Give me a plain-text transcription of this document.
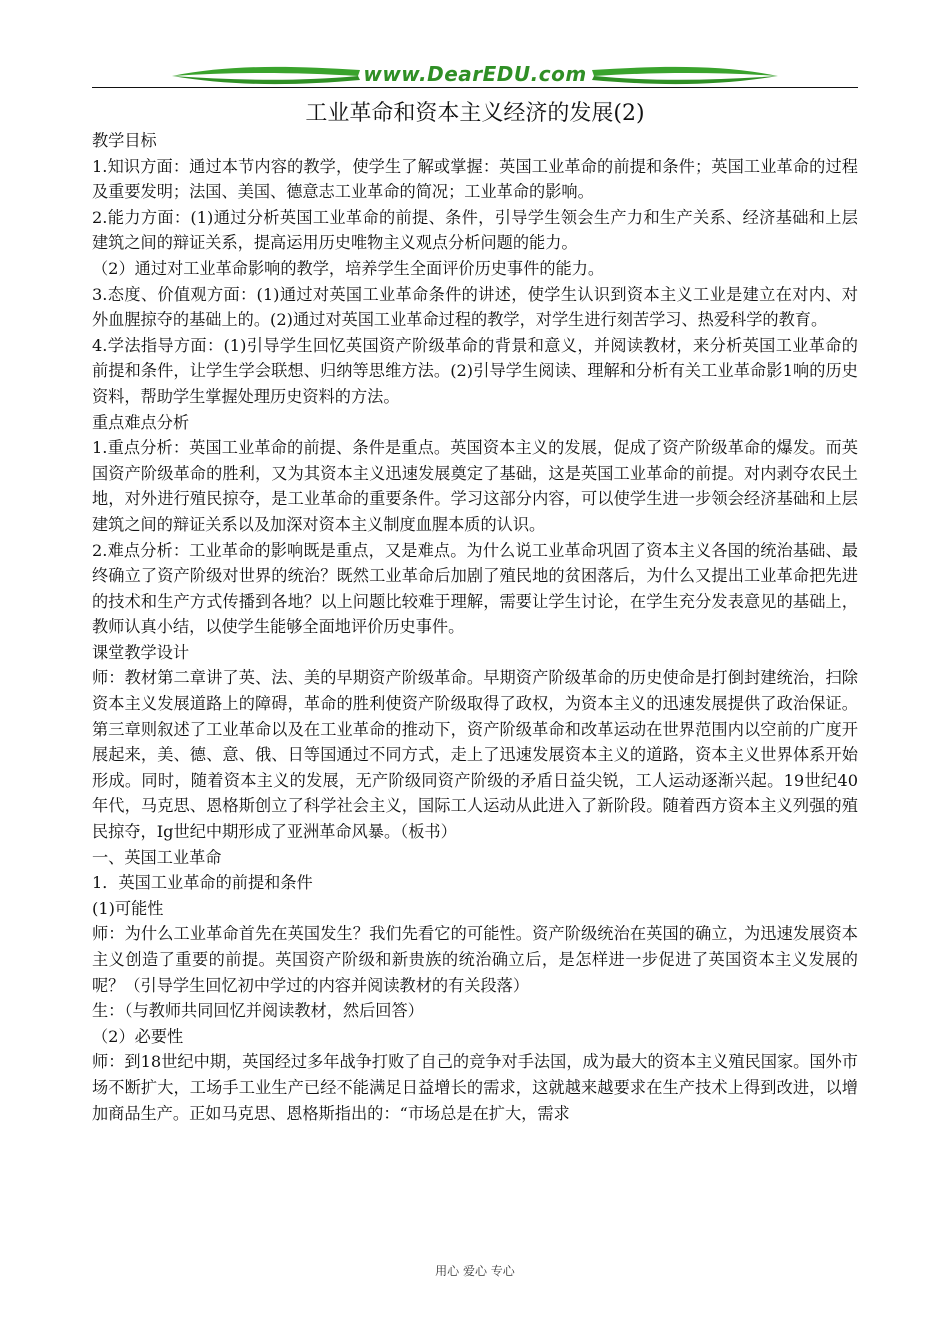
www.DearEDU.com
工业革命和资本主义经济的发展(2)

教学目标

1.知识方面：通过本节内容的教学，使学生了解或掌握：英国工业革命的前提和条件；英国工业革命的过程及重要发明；法国、美国、德意志工业革命的简况；工业革命的影响。

2.能力方面：(1)通过分析英国工业革命的前提、条件，引导学生领会生产力和生产关系、经济基础和上层建筑之间的辩证关系，提高运用历史唯物主义观点分析问题的能力。

（2）通过对工业革命影响的教学，培养学生全面评价历史事件的能力。

3.态度、价值观方面：(1)通过对英国工业革命条件的讲述，使学生认识到资本主义工业是建立在对内、对外血腥掠夺的基础上的。(2)通过对英国工业革命过程的教学，对学生进行刻苦学习、热爱科学的教育。

4.学法指导方面：(1)引导学生回忆英国资产阶级革命的背景和意义，并阅读教材，来分析英国工业革命的前提和条件，让学生学会联想、归纳等思维方法。(2)引导学生阅读、理解和分析有关工业革命影1响的历史资料，帮助学生掌握处理历史资料的方法。

重点难点分析

1.重点分析：英国工业革命的前提、条件是重点。英国资本主义的发展，促成了资产阶级革命的爆发。而英国资产阶级革命的胜利，又为其资本主义迅速发展奠定了基础，这是英国工业革命的前提。对内剥夺农民土地，对外进行殖民掠夺，是工业革命的重要条件。学习这部分内容，可以使学生进一步领会经济基础和上层建筑之间的辩证关系以及加深对资本主义制度血腥本质的认识。

2.难点分析：工业革命的影响既是重点，又是难点。为什么说工业革命巩固了资本主义各国的统治基础、最终确立了资产阶级对世界的统治？既然工业革命后加剧了殖民地的贫困落后，为什么又提出工业革命把先进的技术和生产方式传播到各地？以上问题比较难于理解，需要让学生讨论，在学生充分发表意见的基础上，教师认真小结，以使学生能够全面地评价历史事件。

课堂教学设计

师：教材第二章讲了英、法、美的早期资产阶级革命。早期资产阶级革命的历史使命是打倒封建统治，扫除资本主义发展道路上的障碍，革命的胜利使资产阶级取得了政权，为资本主义的迅速发展提供了政治保证。第三章则叙述了工业革命以及在工业革命的推动下，资产阶级革命和改革运动在世界范围内以空前的广度开展起来，美、德、意、俄、日等国通过不同方式，走上了迅速发展资本主义的道路，资本主义世界体系开始形成。同时，随着资本主义的发展，无产阶级同资产阶级的矛盾日益尖锐，工人运动逐渐兴起。19世纪40年代，马克思、恩格斯创立了科学社会主义，国际工人运动从此进入了新阶段。随着西方资本主义列强的殖民掠夺，Ig世纪中期形成了亚洲革命风暴。（板书）

一、英国工业革命

1．英国工业革命的前提和条件

(1)可能性

师：为什么工业革命首先在英国发生？我们先看它的可能性。资产阶级统治在英国的确立，为迅速发展资本主义创造了重要的前提。英国资产阶级和新贵族的统治确立后，是怎样进一步促进了英国资本主义发展的呢？（引导学生回忆初中学过的内容并阅读教材的有关段落）

生：（与教师共同回忆并阅读教材，然后回答）

（2）必要性

师：到18世纪中期，英国经过多年战争打败了自己的竞争对手法国，成为最大的资本主义殖民国家。国外市场不断扩大，工场手工业生产已经不能满足日益增长的需求，这就越来越要求在生产技术上得到改进，以增加商品生产。正如马克思、恩格斯指出的：“市场总是在扩大，需求

用心 爱心 专心
